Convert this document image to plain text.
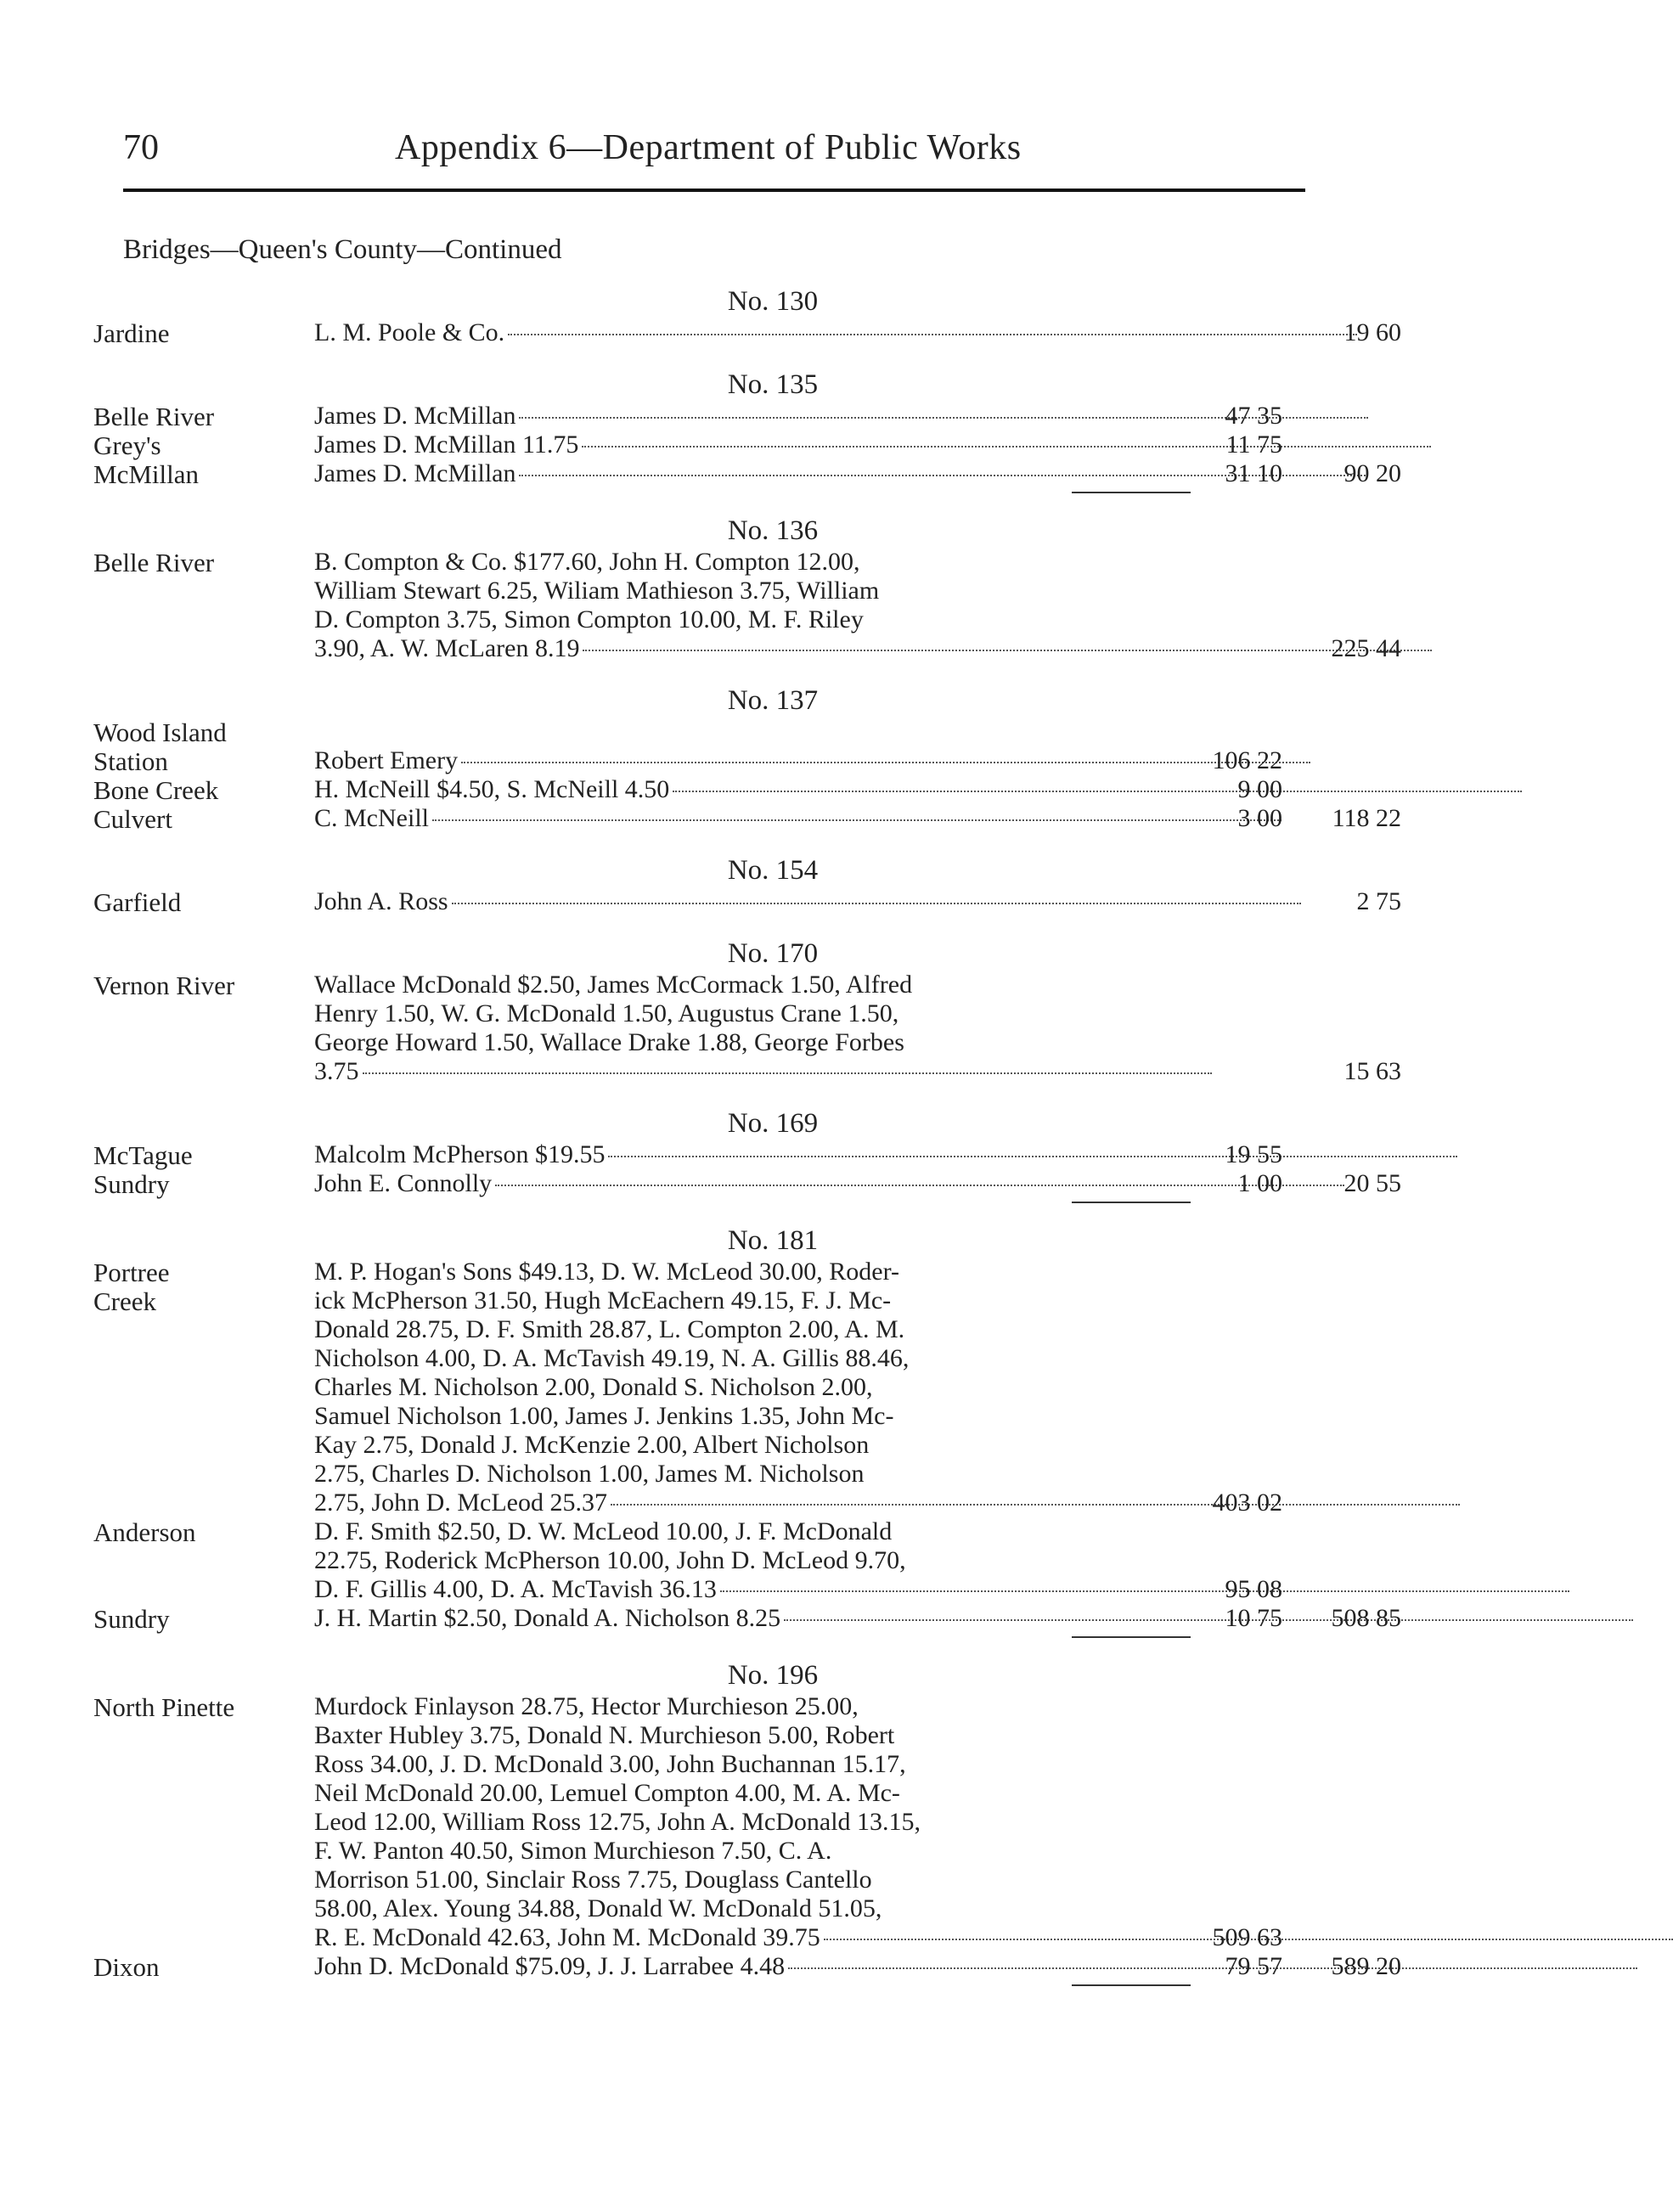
70	Appendix 6—Department of Public Works
Bridges—Queen's County—Continued
No. 130
Jardine	L. M. Poole & Co.	19 60
No. 135
Belle River	James D. McMillan	47 35
Grey's	James D. McMillan 11.75	11 75
McMillan	James D. McMillan	31 10	90 20
No. 136
Belle River	B. Compton & Co. $177.60, John H. Compton 12.00,
William Stewart 6.25, Wiliam Mathieson 3.75, William
D. Compton 3.75, Simon Compton 10.00, M. F. Riley
3.90, A. W. McLaren 8.19	225 44
No. 137
Wood Island
Station	Robert Emery	106 22
Bone Creek	H. McNeill $4.50, S. McNeill 4.50	9 00
Culvert	C. McNeill	3 00	118 22
No. 154
Garfield	John A. Ross	2 75
No. 170
Vernon River	Wallace McDonald $2.50, James McCormack 1.50, Alfred
Henry 1.50, W. G. McDonald 1.50, Augustus Crane 1.50,
George Howard 1.50, Wallace Drake 1.88, George Forbes
3.75	15 63
No. 169
McTague	Malcolm McPherson $19.55	19 55
Sundry	John E. Connolly	1 00	20 55
No. 181
Portree	M. P. Hogan's Sons $49.13, D. W. McLeod 30.00, Roder-
Creek	ick McPherson 31.50, Hugh McEachern 49.15, F. J. Mc-
Donald 28.75, D. F. Smith 28.87, L. Compton 2.00, A. M.
Nicholson 4.00, D. A. McTavish 49.19, N. A. Gillis 88.46,
Charles M. Nicholson 2.00, Donald S. Nicholson 2.00,
Samuel Nicholson 1.00, James J. Jenkins 1.35, John Mc-
Kay 2.75, Donald J. McKenzie 2.00, Albert Nicholson
2.75, Charles D. Nicholson 1.00, James M. Nicholson
2.75, John D. McLeod 25.37	403 02
Anderson	D. F. Smith $2.50, D. W. McLeod 10.00, J. F. McDonald
22.75, Roderick McPherson 10.00, John D. McLeod 9.70,
D. F. Gillis 4.00, D. A. McTavish 36.13	95 08
Sundry	J. H. Martin $2.50, Donald A. Nicholson 8.25	10 75	508 85
No. 196
North Pinette	Murdock Finlayson 28.75, Hector Murchieson 25.00,
Baxter Hubley 3.75, Donald N. Murchieson 5.00, Robert
Ross 34.00, J. D. McDonald 3.00, John Buchannan 15.17,
Neil McDonald 20.00, Lemuel Compton 4.00, M. A. Mc-
Leod 12.00, William Ross 12.75, John A. McDonald 13.15,
F. W. Panton 40.50, Simon Murchieson 7.50, C. A.
Morrison 51.00, Sinclair Ross 7.75, Douglass Cantello
58.00, Alex. Young 34.88, Donald W. McDonald 51.05,
R. E. McDonald 42.63, John M. McDonald 39.75	509 63
Dixon	John D. McDonald $75.09, J. J. Larrabee 4.48	79 57	589 20
